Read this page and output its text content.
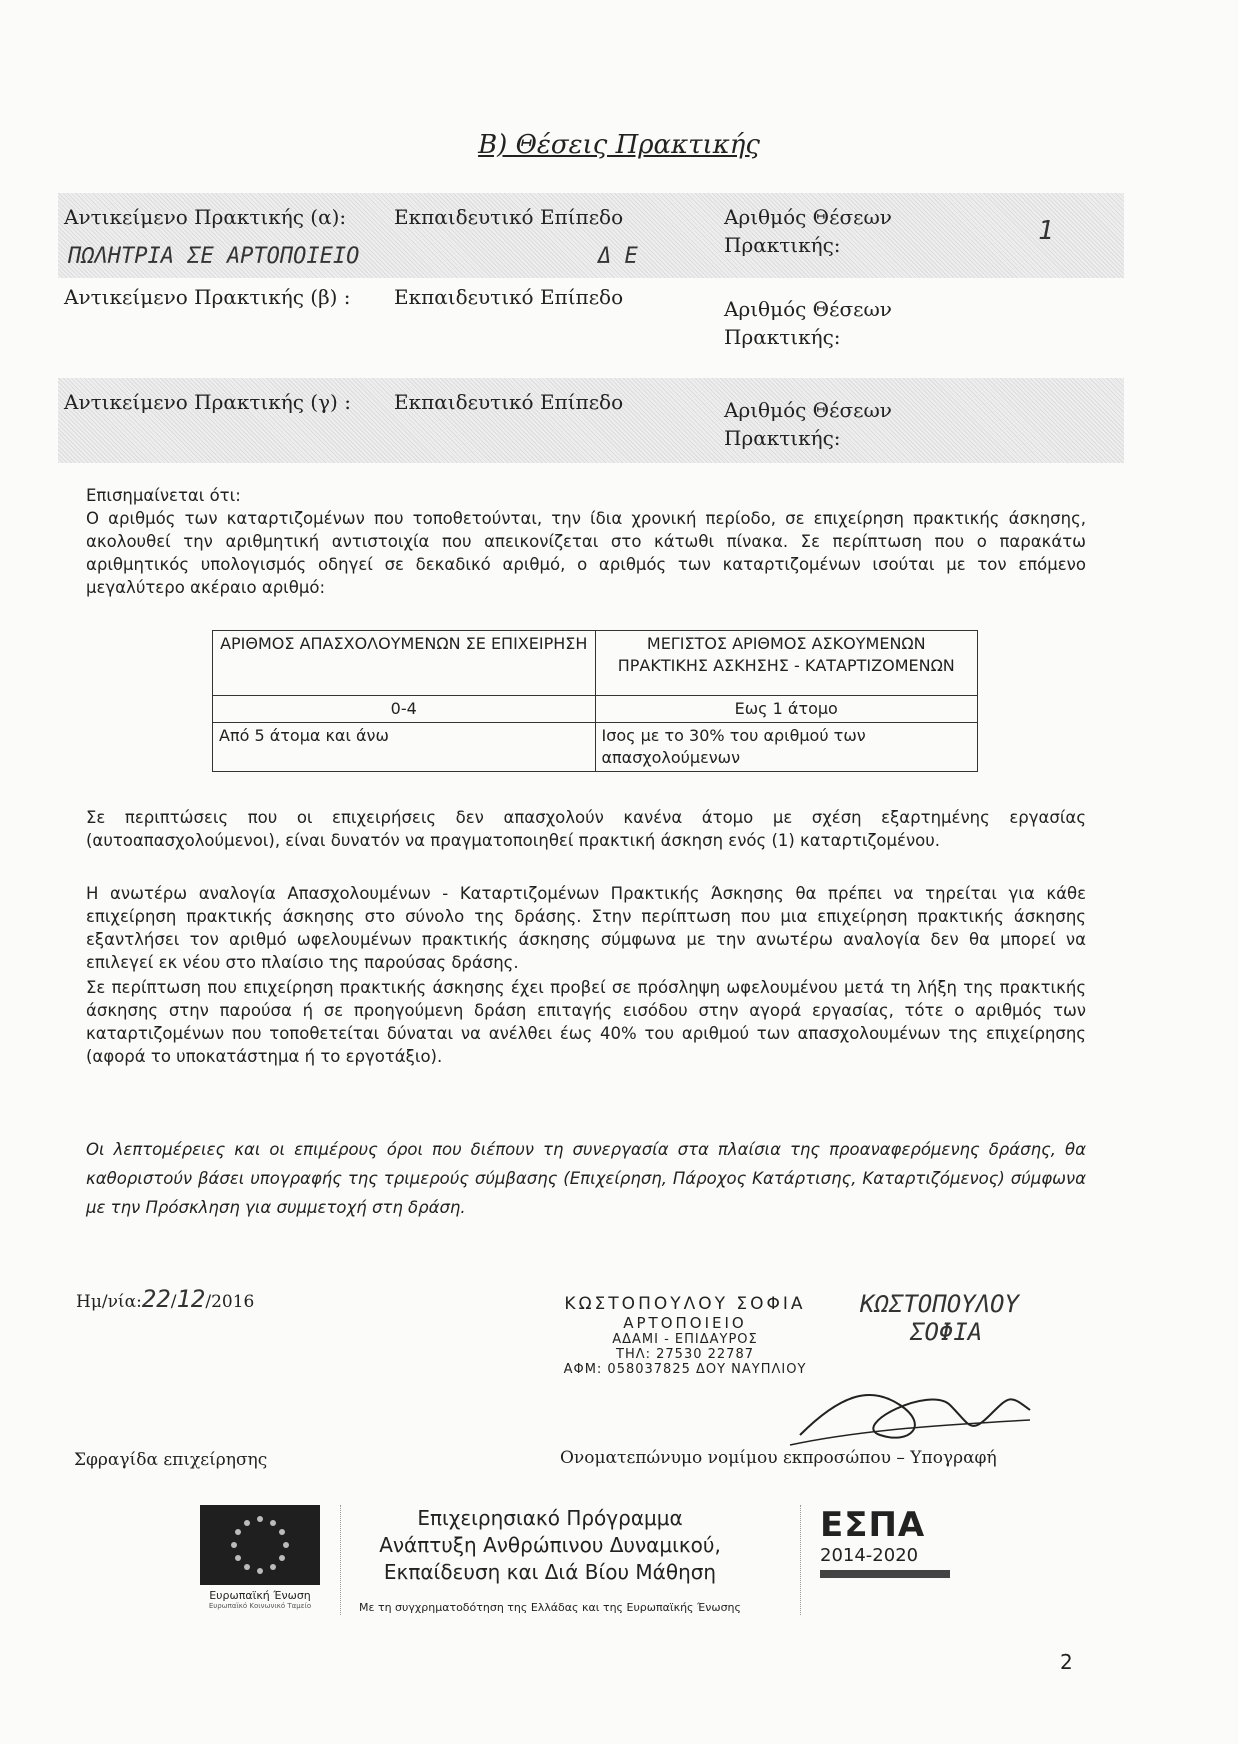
Β) Θέσεις Πρακτικής
Αντικείμενο Πρακτικής (α): Εκπαιδευτικό Επίπεδο	Αριθμός Θέσεων Πρακτικής:	1
ΠΩΛΗΤΡΙΑ ΣΕ ΑΡΤΟΠΟΙΕΙΟ	Δ Ε
Αντικείμενο Πρακτικής (β) : Εκπαιδευτικό Επίπεδο	Αριθμός Θέσεων Πρακτικής:
Αντικείμενο Πρακτικής (γ) : Εκπαιδευτικό Επίπεδο	Αριθμός Θέσεων Πρακτικής:
Επισημαίνεται ότι:
Ο αριθμός των καταρτιζομένων που τοποθετούνται, την ίδια χρονική περίοδο, σε επιχείρηση πρακτικής άσκησης, ακολουθεί την αριθμητική αντιστοιχία που απεικονίζεται στο κάτωθι πίνακα. Σε περίπτωση που ο παρακάτω αριθμητικός υπολογισμός οδηγεί σε δεκαδικό αριθμό, ο αριθμός των καταρτιζομένων ισούται με τον επόμενο μεγαλύτερο ακέραιο αριθμό:
ΑΡΙΘΜΟΣ ΑΠΑΣΧΟΛΟΥΜΕΝΩΝ ΣΕ ΕΠΙΧΕΙΡΗΣΗ	ΜΕΓΙΣΤΟΣ ΑΡΙΘΜΟΣ ΑΣΚΟΥΜΕΝΩΝ ΠΡΑΚΤΙΚΗΣ ΑΣΚΗΣΗΣ - ΚΑΤΑΡΤΙΖΟΜΕΝΩΝ
0-4	Εως 1 άτομο
Από 5 άτομα και άνω	Ισος με το 30% του αριθμού των απασχολούμενων
Σε περιπτώσεις που οι επιχειρήσεις δεν απασχολούν κανένα άτομο με σχέση εξαρτημένης εργασίας (αυτοαπασχολούμενοι), είναι δυνατόν να πραγματοποιηθεί πρακτική άσκηση ενός (1) καταρτιζομένου.
Η ανωτέρω αναλογία Απασχολουμένων - Καταρτιζομένων Πρακτικής Άσκησης θα πρέπει να τηρείται για κάθε επιχείρηση πρακτικής άσκησης στο σύνολο της δράσης. Στην περίπτωση που μια επιχείρηση πρακτικής άσκησης εξαντλήσει τον αριθμό ωφελουμένων πρακτικής άσκησης σύμφωνα με την ανωτέρω αναλογία δεν θα μπορεί να επιλεγεί εκ νέου στο πλαίσιο της παρούσας δράσης.
Σε περίπτωση που επιχείρηση πρακτικής άσκησης έχει προβεί σε πρόσληψη ωφελουμένου μετά τη λήξη της πρακτικής άσκησης στην παρούσα ή σε προηγούμενη δράση επιταγής εισόδου στην αγορά εργασίας, τότε ο αριθμός των καταρτιζομένων που τοποθετείται δύναται να ανέλθει έως 40% του αριθμού των απασχολουμένων της επιχείρησης (αφορά το υποκατάστημα ή το εργοτάξιο).
Οι λεπτομέρειες και οι επιμέρους όροι που διέπουν τη συνεργασία στα πλαίσια της προαναφερόμενης δράσης, θα καθοριστούν βάσει υπογραφής της τριμερούς σύμβασης (Επιχείρηση, Πάροχος Κατάρτισης, Καταρτιζόμενος) σύμφωνα με την Πρόσκληση για συμμετοχή στη δράση.
Ημ/νία:22/12/2016	ΚΩΣΤΟΠΟΥΛΟΥ ΣΟΦΙΑ
ΑΡΤΟΠΟΙΕΙΟ
ΑΔΑΜΙ - ΕΠΙΔΑΥΡΟΣ
ΤΗΛ: 27530 22787
ΑΦΜ: 058037825 ΔΟΥ ΝΑΥΠΛΙΟΥ
ΚΩΣΤΟΠΟΥΛΟΥ
ΣΟΦΙΑ
Σφραγίδα επιχείρησης	Ονοματεπώνυμο νομίμου εκπροσώπου – Υπογραφή
Ευρωπαϊκή Ένωση
Ευρωπαϊκό Κοινωνικό Ταμείο
Επιχειρησιακό Πρόγραμμα
Ανάπτυξη Ανθρώπινου Δυναμικού,
Εκπαίδευση και Διά Βίου Μάθηση
Με τη συγχρηματοδότηση της Ελλάδας και της Ευρωπαϊκής Ένωσης
ΕΣΠΑ
2014-2020
2
